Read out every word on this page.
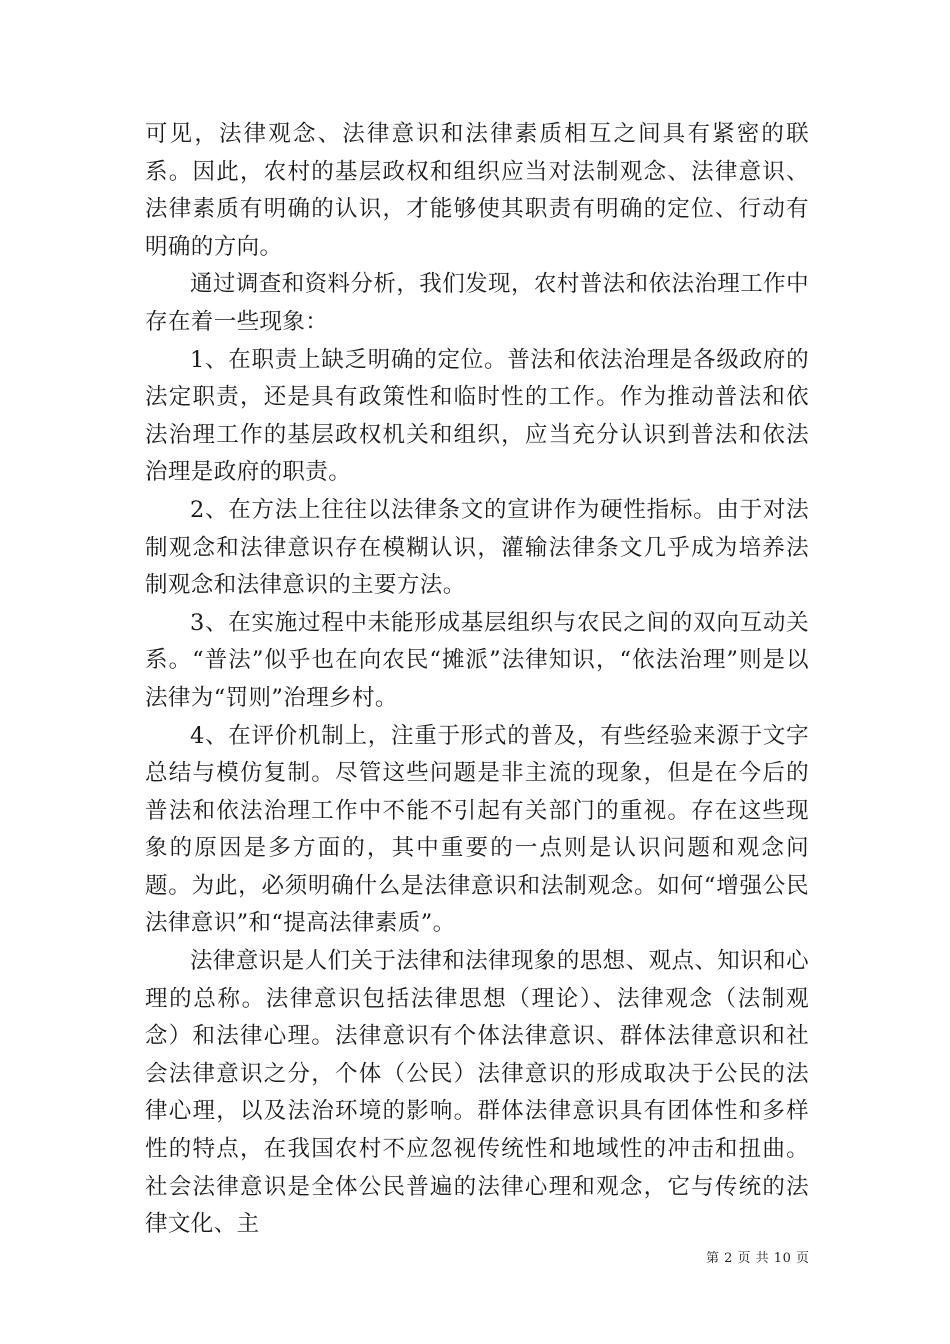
可见，法律观念、法律意识和法律素质相互之间具有紧密的联系。因此，农村的基层政权和组织应当对法制观念、法律意识、法律素质有明确的认识，才能够使其职责有明确的定位、行动有明确的方向。

通过调查和资料分析，我们发现，农村普法和依法治理工作中存在着一些现象：

1、在职责上缺乏明确的定位。普法和依法治理是各级政府的法定职责，还是具有政策性和临时性的工作。作为推动普法和依法治理工作的基层政权机关和组织，应当充分认识到普法和依法治理是政府的职责。

2、在方法上往往以法律条文的宣讲作为硬性指标。由于对法制观念和法律意识存在模糊认识，灌输法律条文几乎成为培养法制观念和法律意识的主要方法。

3、在实施过程中未能形成基层组织与农民之间的双向互动关系。“普法”似乎也在向农民“摊派”法律知识，“依法治理”则是以法律为“罚则”治理乡村。

4、在评价机制上，注重于形式的普及，有些经验来源于文字总结与模仿复制。尽管这些问题是非主流的现象，但是在今后的普法和依法治理工作中不能不引起有关部门的重视。存在这些现象的原因是多方面的，其中重要的一点则是认识问题和观念问题。为此，必须明确什么是法律意识和法制观念。如何“增强公民法律意识”和“提高法律素质”。

法律意识是人们关于法律和法律现象的思想、观点、知识和心理的总称。法律意识包括法律思想（理论）、法律观念（法制观念）和法律心理。法律意识有个体法律意识、群体法律意识和社会法律意识之分，个体（公民）法律意识的形成取决于公民的法律心理，以及法治环境的影响。群体法律意识具有团体性和多样性的特点，在我国农村不应忽视传统性和地域性的冲击和扭曲。社会法律意识是全体公民普遍的法律心理和观念，它与传统的法律文化、主

第 2 页 共 10 页
